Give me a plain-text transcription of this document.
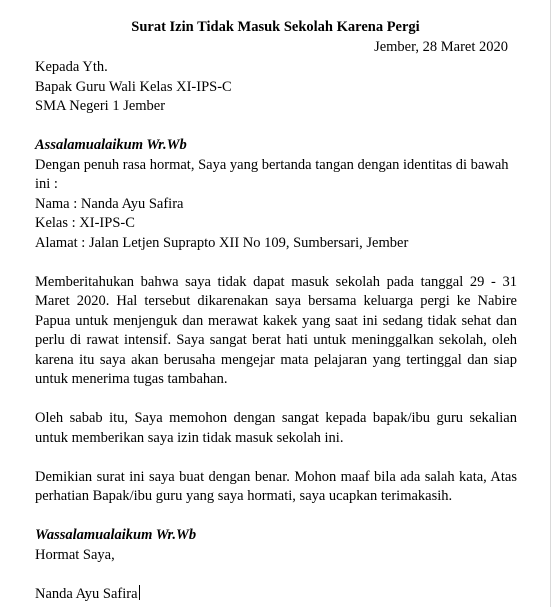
Surat Izin Tidak Masuk Sekolah Karena Pergi
Jember, 28 Maret 2020
Kepada Yth.
Bapak Guru Wali Kelas XI-IPS-C
SMA Negeri 1 Jember
Assalamualaikum Wr.Wb
Dengan penuh rasa hormat, Saya yang bertanda tangan dengan identitas di bawah
ini :
Nama : Nanda Ayu Safira
Kelas : XI-IPS-C
Alamat : Jalan Letjen Suprapto XII No 109, Sumbersari, Jember
Memberitahukan bahwa saya tidak dapat masuk sekolah pada tanggal 29 - 31 Maret 2020. Hal tersebut dikarenakan saya bersama keluarga pergi ke Nabire Papua untuk menjenguk dan merawat kakek yang saat ini sedang tidak sehat dan perlu di rawat intensif. Saya sangat berat hati untuk meninggalkan sekolah, oleh karena itu saya akan berusaha mengejar mata pelajaran yang tertinggal dan siap untuk menerima tugas tambahan.
Oleh sabab itu, Saya memohon dengan sangat kepada bapak/ibu guru sekalian untuk memberikan saya izin tidak masuk sekolah ini.
Demikian surat ini saya buat dengan benar. Mohon maaf bila ada salah kata, Atas perhatian Bapak/ibu guru yang saya hormati, saya ucapkan terimakasih.
Wassalamualaikum Wr.Wb
Hormat Saya,
Nanda Ayu Safira
